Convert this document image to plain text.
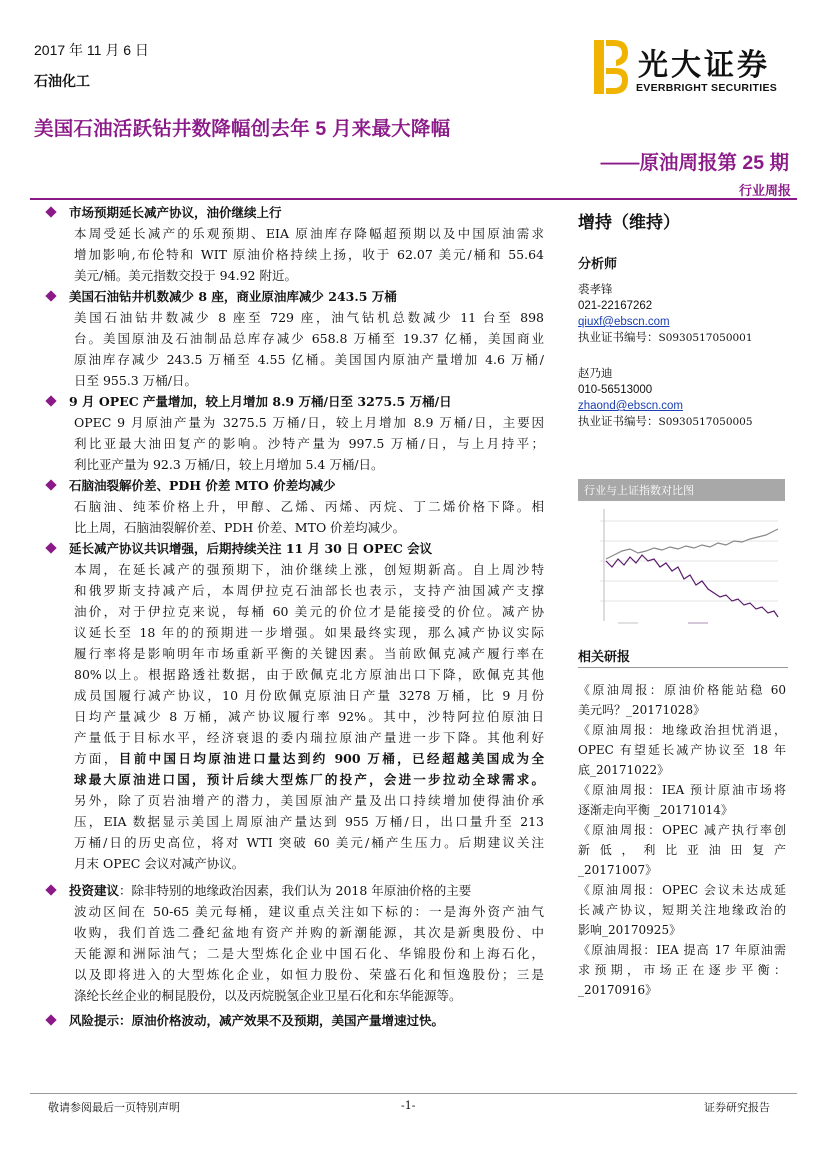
2017 年 11 月 6 日
石油化工
美国石油活跃钻井数降幅创去年 5 月来最大降幅
——原油周报第 25 期
行业周报
光大证券
EVERBRIGHT SECURITIES
市场预期延长减产协议，油价继续上行
本周受延长减产的乐观预期、EIA 原油库存降幅超预期以及中国原油需求
增加影响,布伦特和 WIT 原油价格持续上扬，收于 62.07 美元/桶和 55.64
美元/桶。美元指数交投于 94.92 附近。
美国石油钻井机数减少 8 座，商业原油库减少 243.5 万桶
美国石油钻井数减少 8 座至 729 座，油气钻机总数减少 11 台至 898
台。美国原油及石油制品总库存减少 658.8 万桶至 19.37 亿桶，美国商业
原油库存减少 243.5 万桶至 4.55 亿桶。美国国内原油产量增加 4.6 万桶/
日至 955.3 万桶/日。
9 月 OPEC 产量增加，较上月增加 8.9 万桶/日至 3275.5 万桶/日
OPEC 9 月原油产量为 3275.5 万桶/日，较上月增加 8.9 万桶/日，主要因
利比亚最大油田复产的影响。沙特产量为 997.5 万桶/日，与上月持平；
利比亚产量为 92.3 万桶/日，较上月增加 5.4 万桶/日。
石脑油裂解价差、PDH 价差 MTO 价差均减少
石脑油、纯苯价格上升，甲醇、乙烯、丙烯、丙烷、丁二烯价格下降。相
比上周，石脑油裂解价差、PDH 价差、MTO 价差均减少。
延长减产协议共识增强，后期持续关注 11 月 30 日 OPEC 会议
本周，在延长减产的强预期下，油价继续上涨，创短期新高。自上周沙特
和俄罗斯支持减产后，本周伊拉克石油部长也表示，支持产油国减产支撑
油价，对于伊拉克来说，每桶 60 美元的价位才是能接受的价位。减产协
议延长至 18 年的的预期进一步增强。如果最终实现，那么减产协议实际
履行率将是影响明年市场重新平衡的关键因素。当前欧佩克减产履行率在
80%以上。根据路透社数据，由于欧佩克北方原油出口下降，欧佩克其他
成员国履行减产协议，10 月份欧佩克原油日产量 3278 万桶，比 9 月份
日均产量减少 8 万桶，减产协议履行率 92%。其中，沙特阿拉伯原油日
产量低于目标水平，经济衰退的委内瑞拉原油产量进一步下降。其他利好
方面，目前中国日均原油进口量达到约 900 万桶，已经超越美国成为全
球最大原油进口国，预计后续大型炼厂的投产，会进一步拉动全球需求。
另外，除了页岩油增产的潜力，美国原油产量及出口持续增加使得油价承
压，EIA 数据显示美国上周原油产量达到 955 万桶/日，出口量升至 213
万桶/日的历史高位，将对 WTI 突破 60 美元/桶产生压力。后期建议关注
月末 OPEC 会议对减产协议。
投资建议：除非特别的地缘政治因素，我们认为 2018 年原油价格的主要
波动区间在 50-65 美元每桶，建议重点关注如下标的：一是海外资产油气
收购，我们首选二叠纪盆地有资产并购的新潮能源，其次是新奥股份、中
天能源和洲际油气；二是大型炼化企业中国石化、华锦股份和上海石化，
以及即将进入的大型炼化企业，如恒力股份、荣盛石化和恒逸股份；三是
涤纶长丝企业的桐昆股份，以及丙烷脱氢企业卫星石化和东华能源等。
风险提示：原油价格波动，减产效果不及预期，美国产量增速过快。
增持（维持）
分析师
裘孝锋
021-22167262
qiuxf@ebscn.com
执业证书编号：S0930517050001
赵乃迪
010-56513000
zhaond@ebscn.com
执业证书编号：S0930517050005
行业与上证指数对比图
相关研报
《原油周报：原油价格能站稳 60
美元吗？_20171028》
《原油周报：地缘政治担忧消退，
OPEC 有望延长减产协议至 18 年
底_20171022》
《原油周报：IEA 预计原油市场将
逐渐走向平衡 _20171014》
《原油周报：OPEC 减产执行率创
新 低 ， 利 比 亚 油 田 复 产
_20171007》
《原油周报：OPEC 会议未达成延
长减产协议，短期关注地缘政治的
影响_20170925》
《原油周报：IEA 提高 17 年原油需
求预期，市场正在逐步平衡：
_20170916》
敬请参阅最后一页特别声明	-1-	证券研究报告
